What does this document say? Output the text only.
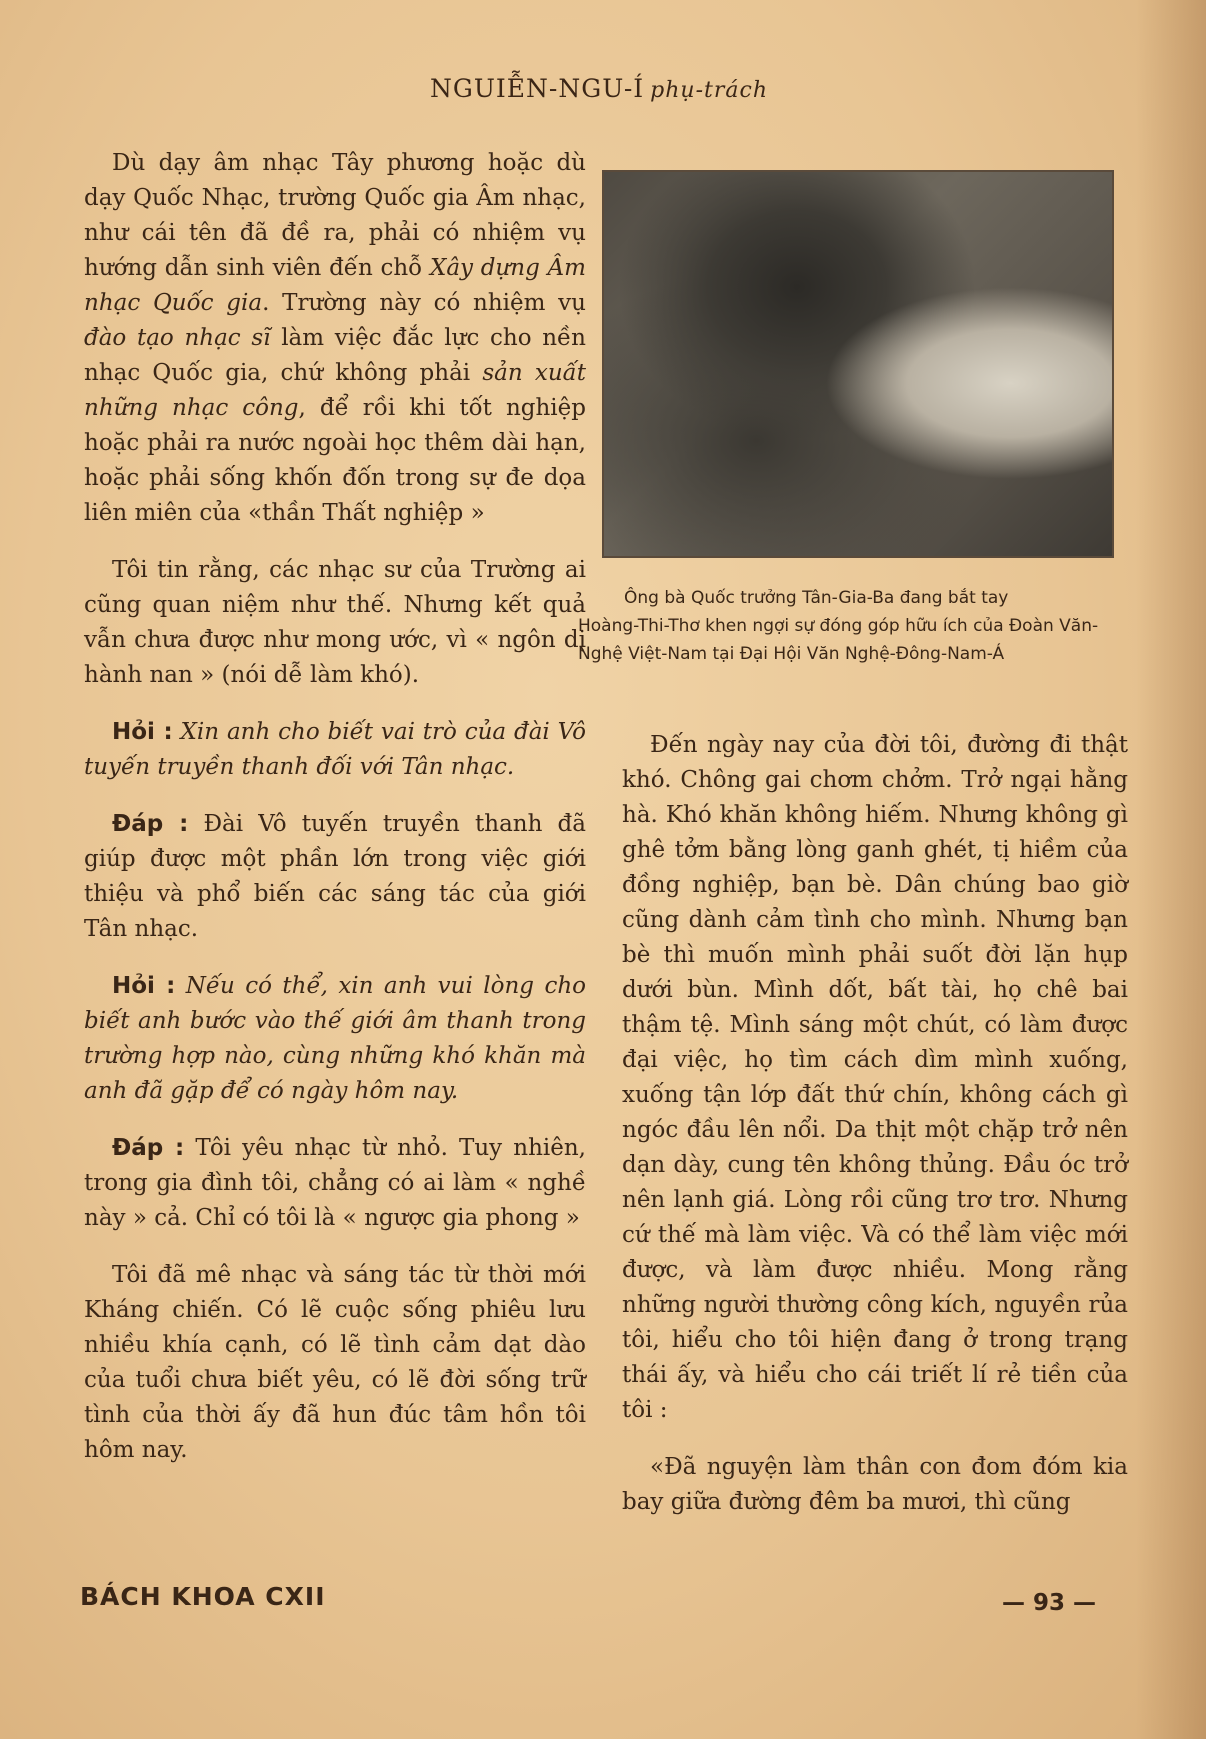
NGUIỄN-NGU-Í phụ-trách

Dù dạy âm nhạc Tây phương hoặc dù dạy Quốc Nhạc, trường Quốc gia Âm nhạc, như cái tên đã đề ra, phải có nhiệm vụ hướng dẫn sinh viên đến chỗ Xây dựng Âm nhạc Quốc gia. Trường này có nhiệm vụ đào tạo nhạc sĩ làm việc đắc lực cho nền nhạc Quốc gia, chứ không phải sản xuất những nhạc công, để rồi khi tốt nghiệp hoặc phải ra nước ngoài học thêm dài hạn, hoặc phải sống khốn đốn trong sự đe dọa liên miên của «thần Thất nghiệp »

Tôi tin rằng, các nhạc sư của Trường ai cũng quan niệm như thế. Nhưng kết quả vẫn chưa được như mong ước, vì « ngôn dị hành nan » (nói dễ làm khó).

Hỏi : Xin anh cho biết vai trò của đài Vô tuyến truyền thanh đối với Tân nhạc.

Đáp : Đài Vô tuyến truyền thanh đã giúp được một phần lớn trong việc giới thiệu và phổ biến các sáng tác của giới Tân nhạc.

Hỏi : Nếu có thể, xin anh vui lòng cho biết anh bước vào thế giới âm thanh trong trường hợp nào, cùng những khó khăn mà anh đã gặp để có ngày hôm nay.

Đáp : Tôi yêu nhạc từ nhỏ. Tuy nhiên, trong gia đình tôi, chẳng có ai làm « nghề này » cả. Chỉ có tôi là « ngược gia phong »

Tôi đã mê nhạc và sáng tác từ thời mới Kháng chiến. Có lẽ cuộc sống phiêu lưu nhiều khía cạnh, có lẽ tình cảm dạt dào của tuổi chưa biết yêu, có lẽ đời sống trữ tình của thời ấy đã hun đúc tâm hồn tôi hôm nay.

Ông bà Quốc trưởng Tân-Gia-Ba đang bắt tay
Hoàng-Thi-Thơ khen ngợi sự đóng góp hữu ích của Đoàn Văn-Nghệ Việt-Nam tại Đại Hội Văn Nghệ-Đông-Nam-Á

Đến ngày nay của đời tôi, đường đi thật khó. Chông gai chơm chởm. Trở ngại hằng hà. Khó khăn không hiếm. Nhưng không gì ghê tởm bằng lòng ganh ghét, tị hiềm của đồng nghiệp, bạn bè. Dân chúng bao giờ cũng dành cảm tình cho mình. Nhưng bạn bè thì muốn mình phải suốt đời lặn hụp dưới bùn. Mình dốt, bất tài, họ chê bai thậm tệ. Mình sáng một chút, có làm được đại việc, họ tìm cách dìm mình xuống, xuống tận lớp đất thứ chín, không cách gì ngóc đầu lên nổi. Da thịt một chặp trở nên dạn dày, cung tên không thủng. Đầu óc trở nên lạnh giá. Lòng rồi cũng trơ trơ. Nhưng cứ thế mà làm việc. Và có thể làm việc mới được, và làm được nhiều. Mong rằng những người thường công kích, nguyền rủa tôi, hiểu cho tôi hiện đang ở trong trạng thái ấy, và hiểu cho cái triết lí rẻ tiền của tôi :

«Đã nguyện làm thân con đom đóm kia bay giữa đường đêm ba mươi, thì cũng

BÁCH KHOA CXII	— 93 —
